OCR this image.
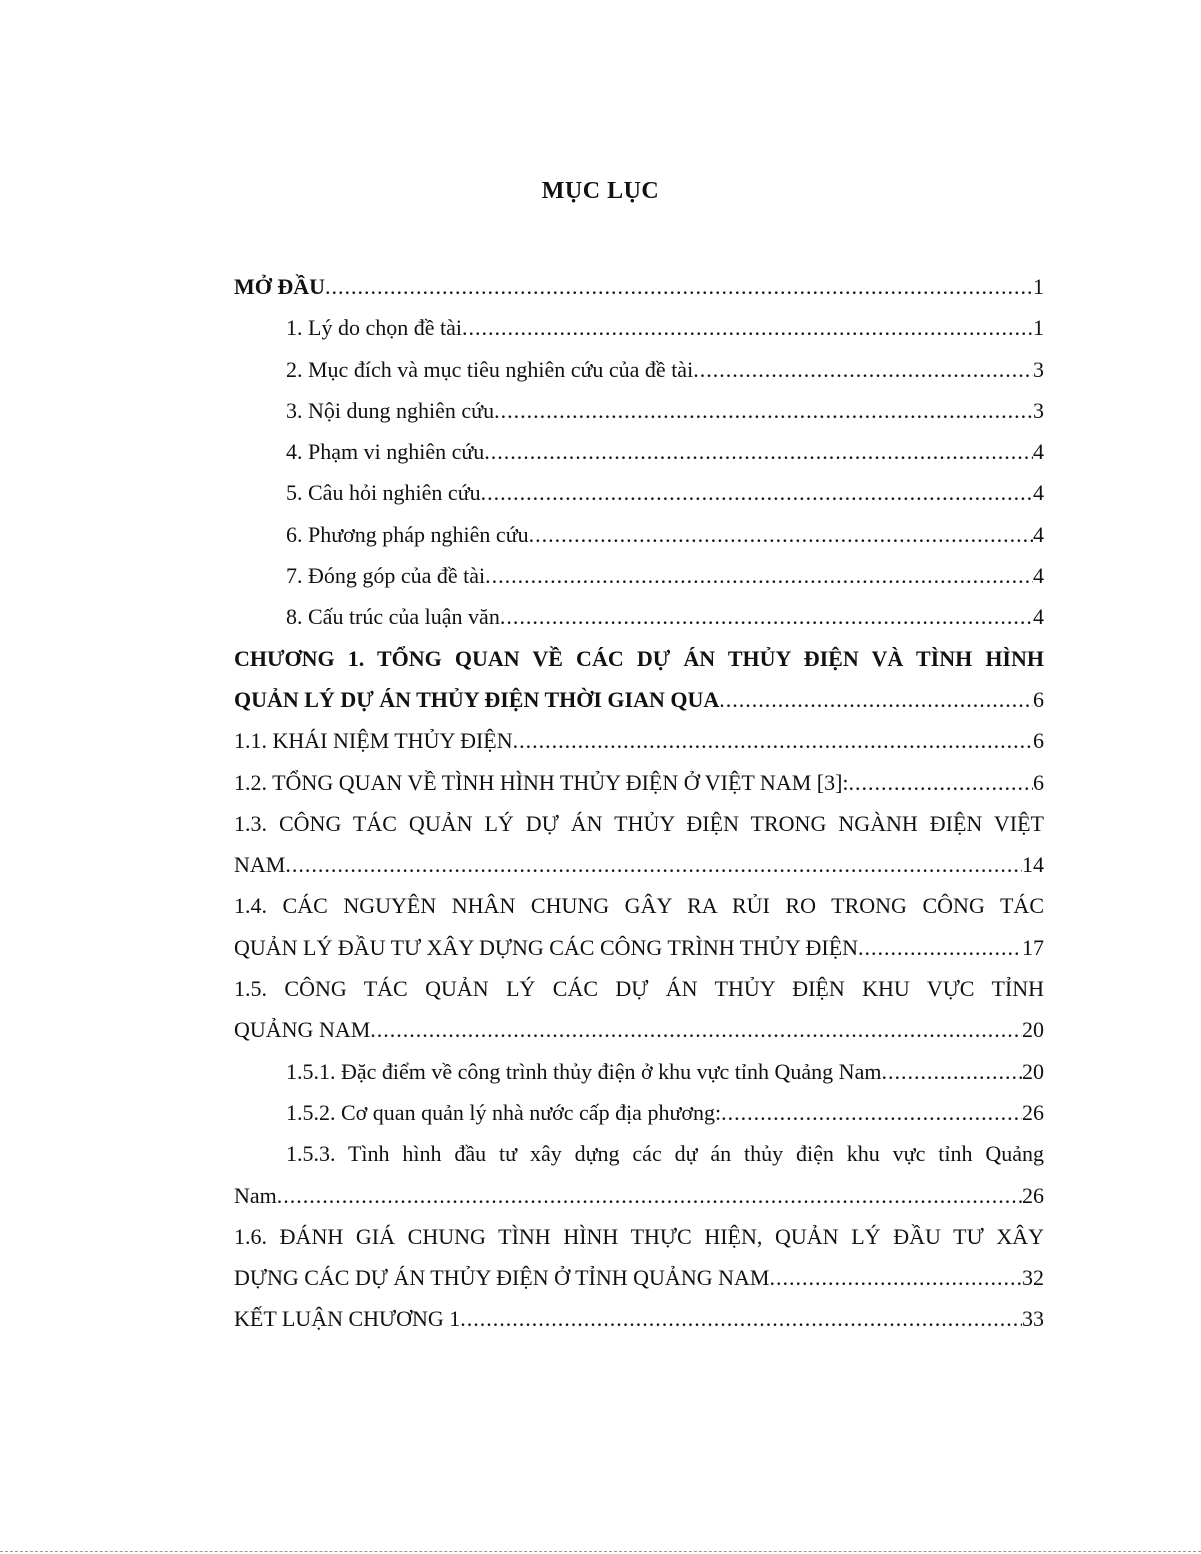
MỤC LỤC
MỞ ĐẦU .....	1
1. Lý do chọn đề tài .....	1
2. Mục đích và mục tiêu nghiên cứu của đề tài .....	3
3. Nội dung nghiên cứu .....	3
4. Phạm vi nghiên cứu .....	4
5. Câu hỏi nghiên cứu .....	4
6. Phương pháp nghiên cứu .....	4
7. Đóng góp của đề tài .....	4
8. Cấu trúc của luận văn .....	4
CHƯƠNG 1. TỔNG QUAN VỀ CÁC DỰ ÁN THỦY ĐIỆN VÀ TÌNH HÌNH
QUẢN LÝ DỰ ÁN THỦY ĐIỆN THỜI GIAN QUA .....	6
1.1. KHÁI NIỆM THỦY ĐIỆN .....	6
1.2. TỔNG QUAN VỀ TÌNH HÌNH THỦY ĐIỆN Ở VIỆT NAM [3]: .....	6
1.3. CÔNG TÁC QUẢN LÝ DỰ ÁN THỦY ĐIỆN TRONG NGÀNH ĐIỆN VIỆT
NAM .....	14
1.4. CÁC NGUYÊN NHÂN CHUNG GÂY RA RỦI RO TRONG CÔNG TÁC
QUẢN LÝ ĐẦU TƯ XÂY DỰNG CÁC CÔNG TRÌNH THỦY ĐIỆN .....	17
1.5. CÔNG TÁC QUẢN LÝ CÁC DỰ ÁN THỦY ĐIỆN KHU VỰC TỈNH
QUẢNG NAM .....	20
1.5.1. Đặc điểm về công trình thủy điện ở khu vực tỉnh Quảng Nam .....	20
1.5.2. Cơ quan quản lý nhà nước cấp địa phương: .....	26
1.5.3. Tình hình đầu tư xây dựng các dự án thủy điện khu vực tỉnh Quảng
Nam .....	26
1.6. ĐÁNH GIÁ CHUNG TÌNH HÌNH THỰC HIỆN, QUẢN LÝ ĐẦU TƯ XÂY
DỰNG CÁC DỰ ÁN THỦY ĐIỆN Ở TỈNH QUẢNG NAM .....	32
KẾT LUẬN CHƯƠNG 1 .....	33
